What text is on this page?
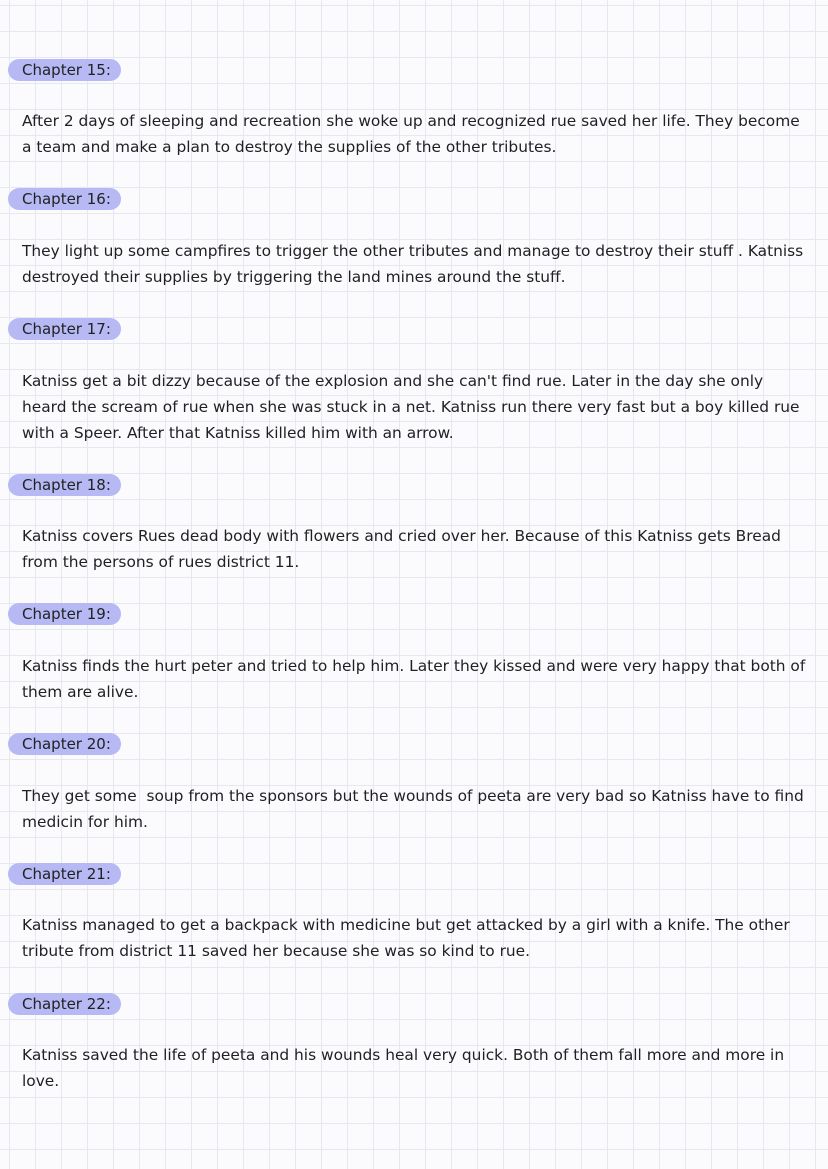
Chapter 15:

After 2 days of sleeping and recreation she woke up and recognized rue saved her life. They become a team and make a plan to destroy the supplies of the other tributes.

Chapter 16:

They light up some campfires to trigger the other tributes and manage to destroy their stuff . Katniss destroyed their supplies by triggering the land mines around the stuff.

Chapter 17:

Katniss get a bit dizzy because of the explosion and she can't find rue. Later in the day she only heard the scream of rue when she was stuck in a net. Katniss run there very fast but a boy killed rue with a Speer. After that Katniss killed him with an arrow.

Chapter 18:

Katniss covers Rues dead body with flowers and cried over her. Because of this Katniss gets Bread from the persons of rues district 11.

Chapter 19:

Katniss finds the hurt peter and tried to help him. Later they kissed and were very happy that both of them are alive.

Chapter 20:

They get some  soup from the sponsors but the wounds of peeta are very bad so Katniss have to find medicin for him.

Chapter 21:

Katniss managed to get a backpack with medicine but get attacked by a girl with a knife. The other tribute from district 11 saved her because she was so kind to rue.

Chapter 22:

Katniss saved the life of peeta and his wounds heal very quick. Both of them fall more and more in love.
